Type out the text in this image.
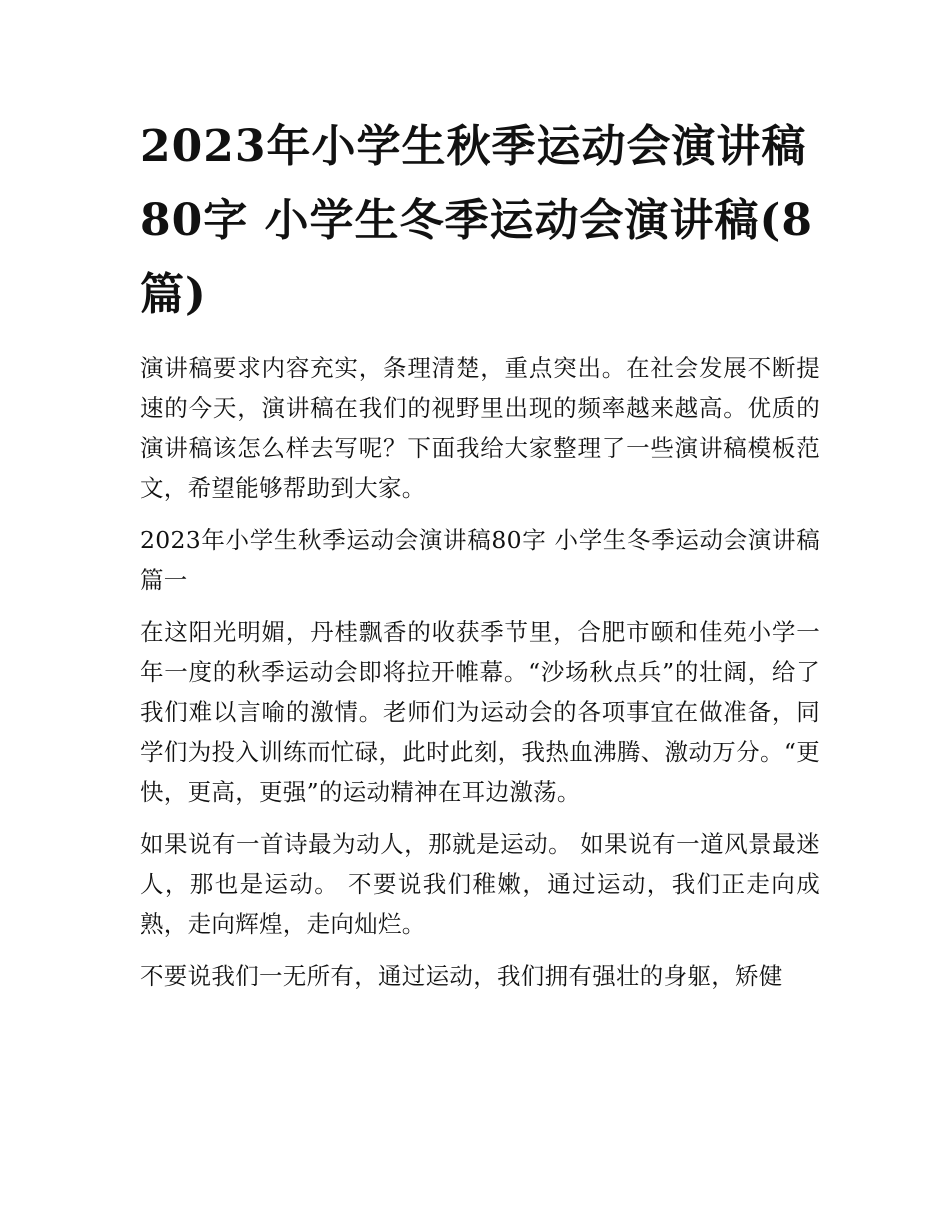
2023年小学生秋季运动会演讲稿80字 小学生冬季运动会演讲稿(8篇)

演讲稿要求内容充实，条理清楚，重点突出。在社会发展不断提速的今天，演讲稿在我们的视野里出现的频率越来越高。优质的演讲稿该怎么样去写呢？下面我给大家整理了一些演讲稿模板范文，希望能够帮助到大家。

2023年小学生秋季运动会演讲稿80字 小学生冬季运动会演讲稿篇一

在这阳光明媚，丹桂飘香的收获季节里，合肥市颐和佳苑小学一年一度的秋季运动会即将拉开帷幕。“沙场秋点兵”的壮阔，给了我们难以言喻的激情。老师们为运动会的各项事宜在做准备，同学们为投入训练而忙碌，此时此刻，我热血沸腾、激动万分。“更快，更高，更强”的运动精神在耳边激荡。

如果说有一首诗最为动人，那就是运动。 如果说有一道风景最迷人，那也是运动。 不要说我们稚嫩，通过运动，我们正走向成熟，走向辉煌，走向灿烂。

不要说我们一无所有，通过运动，我们拥有强壮的身躯，矫健
